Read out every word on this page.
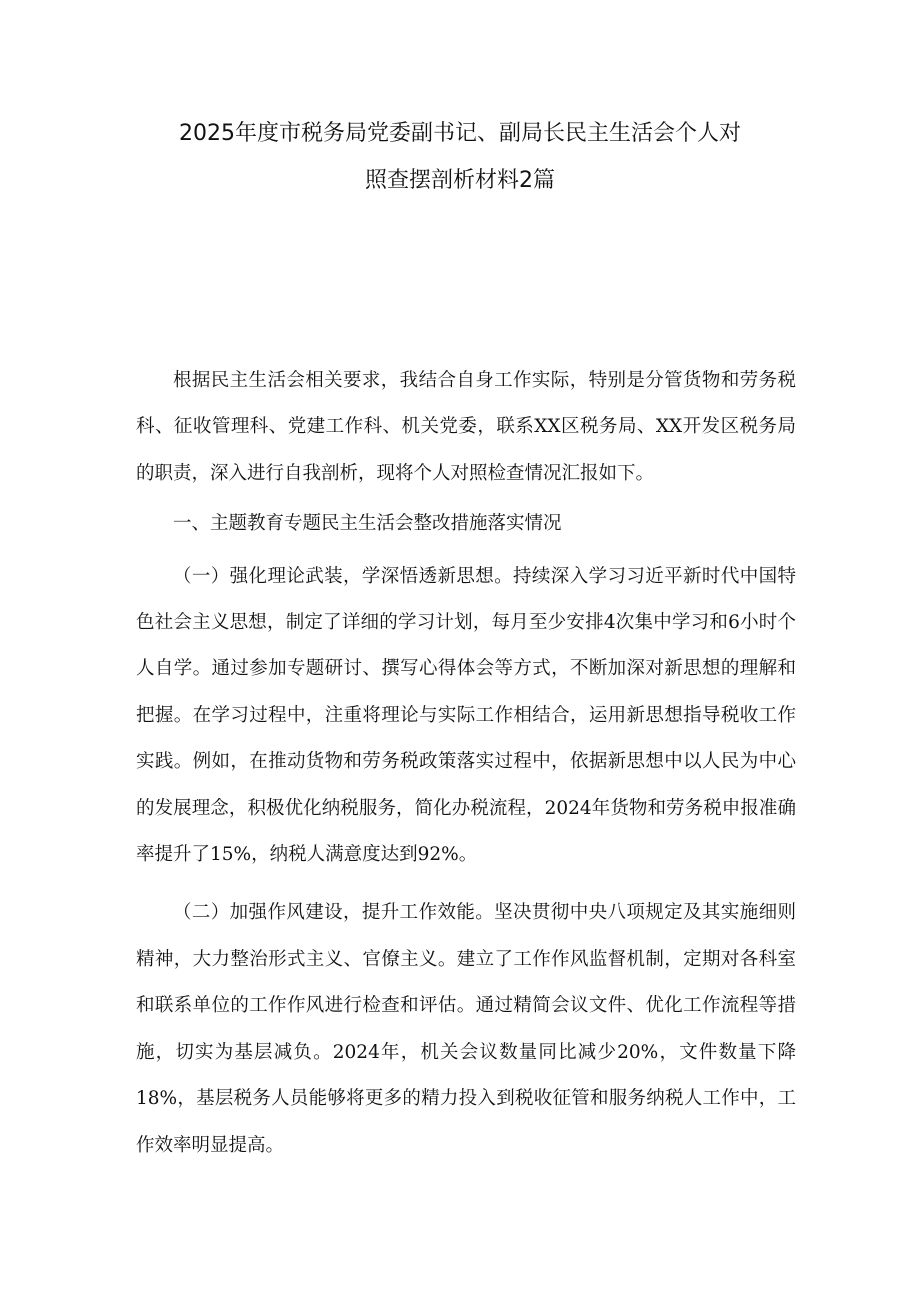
2025年度市税务局党委副书记、副局长民主生活会个人对
照查摆剖析材料2篇

根据民主生活会相关要求，我结合自身工作实际，特别是分管货物和劳务税科、征收管理科、党建工作科、机关党委，联系XX区税务局、XX开发区税务局的职责，深入进行自我剖析，现将个人对照检查情况汇报如下。

一、主题教育专题民主生活会整改措施落实情况

（一）强化理论武装，学深悟透新思想。持续深入学习习近平新时代中国特色社会主义思想，制定了详细的学习计划，每月至少安排4次集中学习和6小时个人自学。通过参加专题研讨、撰写心得体会等方式，不断加深对新思想的理解和把握。在学习过程中，注重将理论与实际工作相结合，运用新思想指导税收工作实践。例如，在推动货物和劳务税政策落实过程中，依据新思想中以人民为中心的发展理念，积极优化纳税服务，简化办税流程，2024年货物和劳务税申报准确率提升了15%，纳税人满意度达到92%。

（二）加强作风建设，提升工作效能。坚决贯彻中央八项规定及其实施细则精神，大力整治形式主义、官僚主义。建立了工作作风监督机制，定期对各科室和联系单位的工作作风进行检查和评估。通过精简会议文件、优化工作流程等措施，切实为基层减负。2024年，机关会议数量同比减少20%，文件数量下降18%，基层税务人员能够将更多的精力投入到税收征管和服务纳税人工作中，工作效率明显提高。
